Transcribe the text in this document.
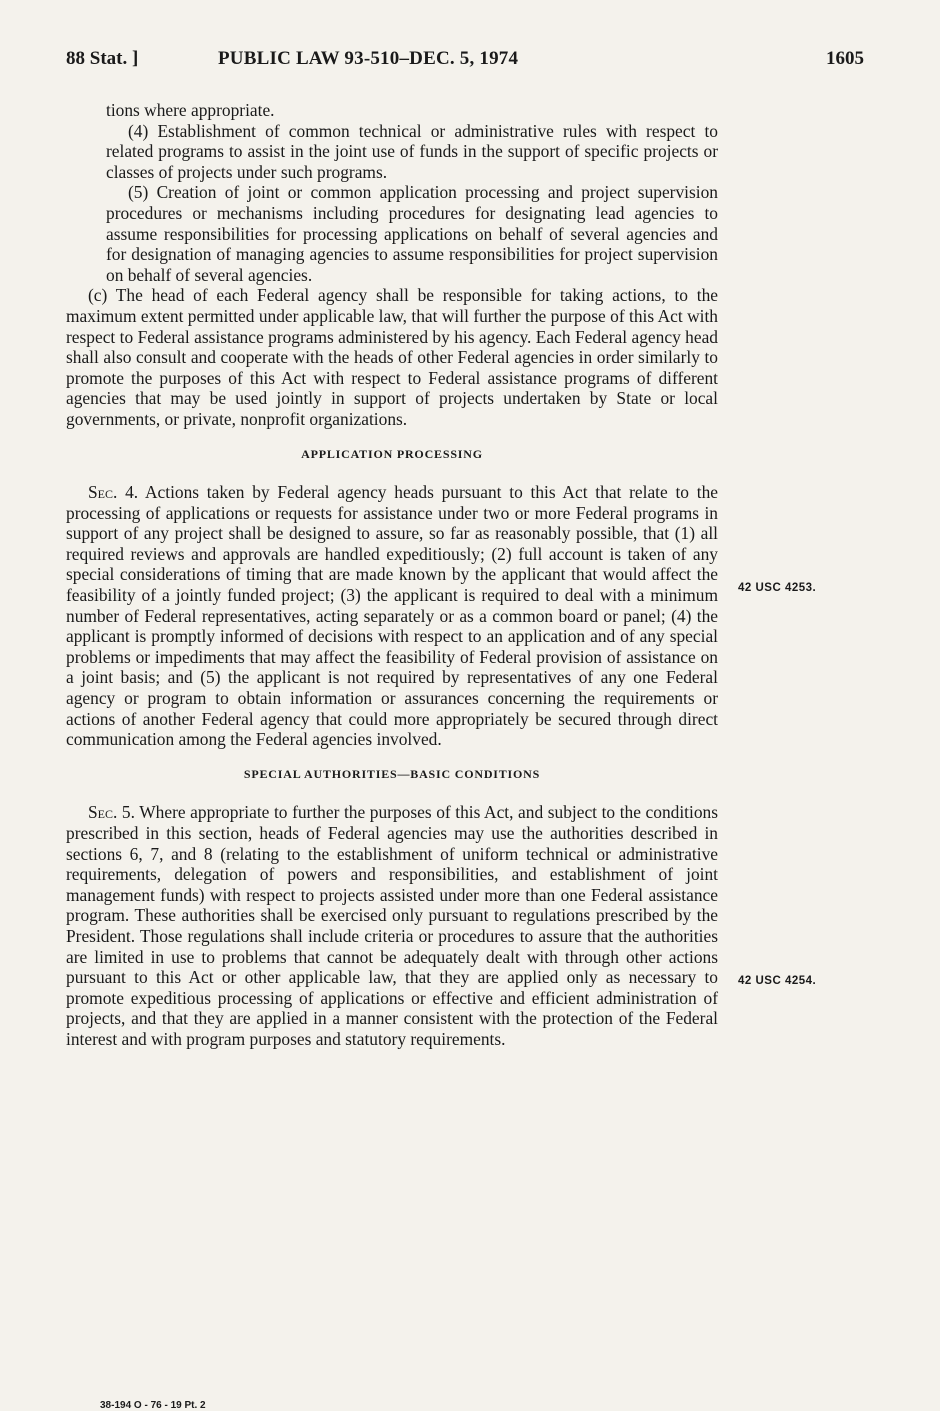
88 Stat. ]	PUBLIC LAW 93-510–DEC. 5, 1974	1605

tions where appropriate.

(4) Establishment of common technical or administrative rules with respect to related programs to assist in the joint use of funds in the support of specific projects or classes of projects under such programs.

(5) Creation of joint or common application processing and project supervision procedures or mechanisms including procedures for designating lead agencies to assume responsibilities for processing applications on behalf of several agencies and for designation of managing agencies to assume responsibilities for project supervision on behalf of several agencies.

(c) The head of each Federal agency shall be responsible for taking actions, to the maximum extent permitted under applicable law, that will further the purpose of this Act with respect to Federal assistance programs administered by his agency. Each Federal agency head shall also consult and cooperate with the heads of other Federal agencies in order similarly to promote the purposes of this Act with respect to Federal assistance programs of different agencies that may be used jointly in support of projects undertaken by State or local governments, or private, nonprofit organizations.

APPLICATION PROCESSING

Sec. 4. Actions taken by Federal agency heads pursuant to this Act that relate to the processing of applications or requests for assistance under two or more Federal programs in support of any project shall be designed to assure, so far as reasonably possible, that (1) all required reviews and approvals are handled expeditiously; (2) full account is taken of any special considerations of timing that are made known by the applicant that would affect the feasibility of a jointly funded project; (3) the applicant is required to deal with a minimum number of Federal representatives, acting separately or as a common board or panel; (4) the applicant is promptly informed of decisions with respect to an application and of any special problems or impediments that may affect the feasibility of Federal provision of assistance on a joint basis; and (5) the applicant is not required by representatives of any one Federal agency or program to obtain information or assurances concerning the requirements or actions of another Federal agency that could more appropriately be secured through direct communication among the Federal agencies involved.

SPECIAL AUTHORITIES—BASIC CONDITIONS

Sec. 5. Where appropriate to further the purposes of this Act, and subject to the conditions prescribed in this section, heads of Federal agencies may use the authorities described in sections 6, 7, and 8 (relating to the establishment of uniform technical or administrative requirements, delegation of powers and responsibilities, and establishment of joint management funds) with respect to projects assisted under more than one Federal assistance program. These authorities shall be exercised only pursuant to regulations prescribed by the President. Those regulations shall include criteria or procedures to assure that the authorities are limited in use to problems that cannot be adequately dealt with through other actions pursuant to this Act or other applicable law, that they are applied only as necessary to promote expeditious processing of applications or effective and efficient administration of projects, and that they are applied in a manner consistent with the protection of the Federal interest and with program purposes and statutory requirements.

42 USC 4253.
42 USC 4254.
38-194 O - 76 - 19 Pt. 2
